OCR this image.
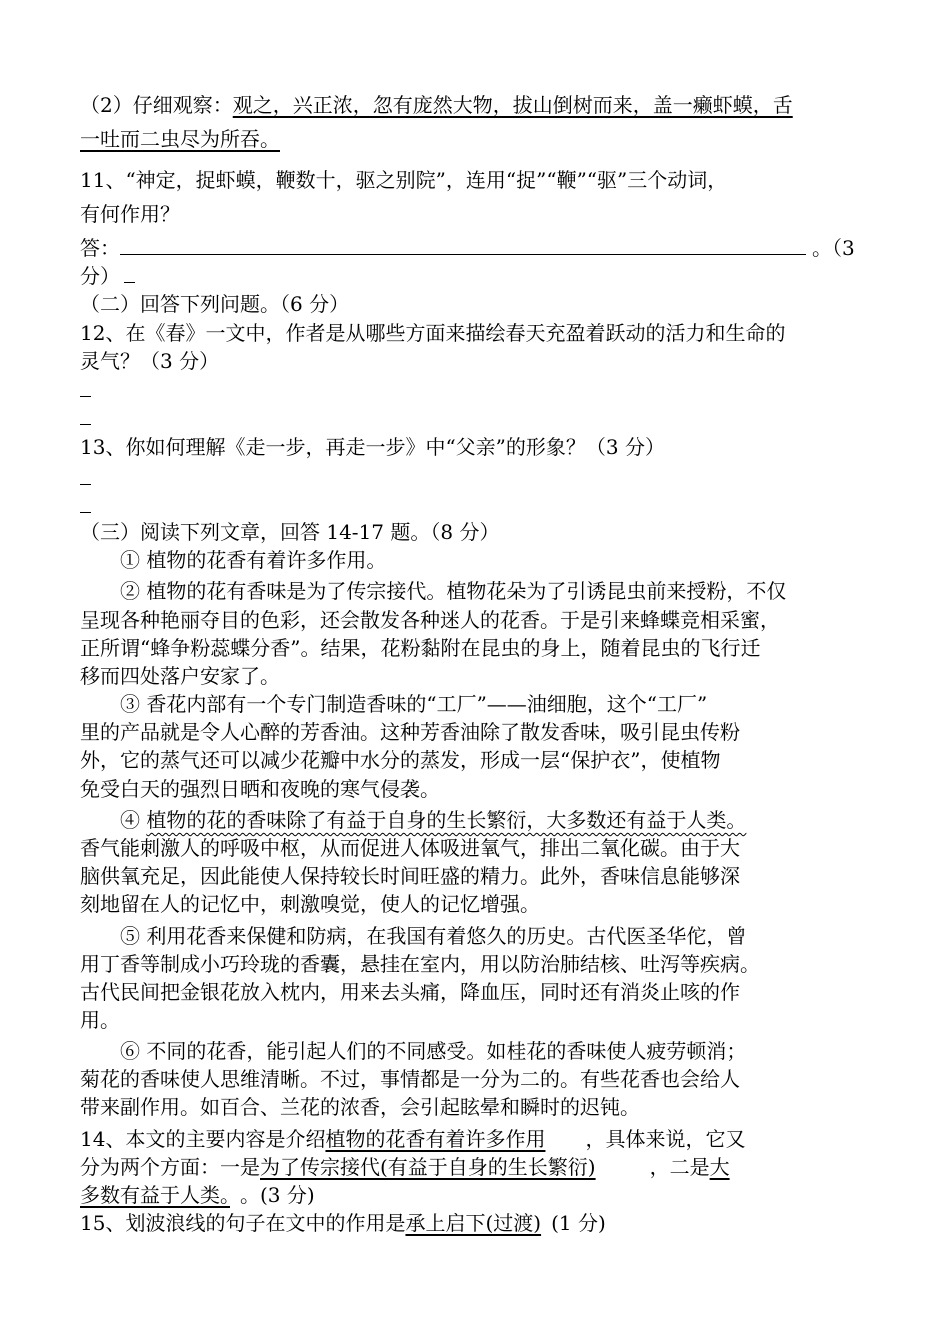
（2）仔细观察：观之，兴正浓，忽有庞然大物，拔山倒树而来，盖一癞虾蟆，舌
一吐而二虫尽为所吞。
11、“神定，捉虾蟆，鞭数十，驱之别院”，连用“捉”“鞭”“驱”三个动词，
有何作用？
答：	。（3
分）
（二）回答下列问题。（6 分）
12、在《春》一文中，作者是从哪些方面来描绘春天充盈着跃动的活力和生命的
灵气？（3 分）
13、你如何理解《走一步，再走一步》中“父亲”的形象？（3 分）
（三）阅读下列文章，回答 14-17 题。（8 分）
① 植物的花香有着许多作用。
② 植物的花有香味是为了传宗接代。植物花朵为了引诱昆虫前来授粉，不仅
呈现各种艳丽夺目的色彩，还会散发各种迷人的花香。于是引来蜂蝶竞相采蜜，
正所谓“蜂争粉蕊蝶分香”。结果，花粉黏附在昆虫的身上，随着昆虫的飞行迁
移而四处落户安家了。
③ 香花内部有一个专门制造香味的“工厂”——油细胞，这个“工厂”
里的产品就是令人心醉的芳香油。这种芳香油除了散发香味，吸引昆虫传粉
外，它的蒸气还可以减少花瓣中水分的蒸发，形成一层“保护衣”，使植物
免受白天的强烈日晒和夜晚的寒气侵袭。
④ 植物的花的香味除了有益于自身的生长繁衍，大多数还有益于人类。
香气能刺激人的呼吸中枢，从而促进人体吸进氧气，排出二氧化碳。由于大
脑供氧充足，因此能使人保持较长时间旺盛的精力。此外，香味信息能够深
刻地留在人的记忆中，刺激嗅觉，使人的记忆增强。
⑤ 利用花香来保健和防病，在我国有着悠久的历史。古代医圣华佗，曾
用丁香等制成小巧玲珑的香囊，悬挂在室内，用以防治肺结核、吐泻等疾病。
古代民间把金银花放入枕内，用来去头痛，降血压，同时还有消炎止咳的作
用。
⑥ 不同的花香，能引起人们的不同感受。如桂花的香味使人疲劳顿消；
菊花的香味使人思维清晰。不过，事情都是一分为二的。有些花香也会给人
带来副作用。如百合、兰花的浓香，会引起眩晕和瞬时的迟钝。
14、本文的主要内容是介绍植物的花香有着许多作用 ，具体来说，它又
分为两个方面：一是为了传宗接代(有益于自身的生长繁衍)	，二是大
多数有益于人类。 。(3 分)
15、划波浪线的句子在文中的作用是承上启下(过渡) (1 分)
